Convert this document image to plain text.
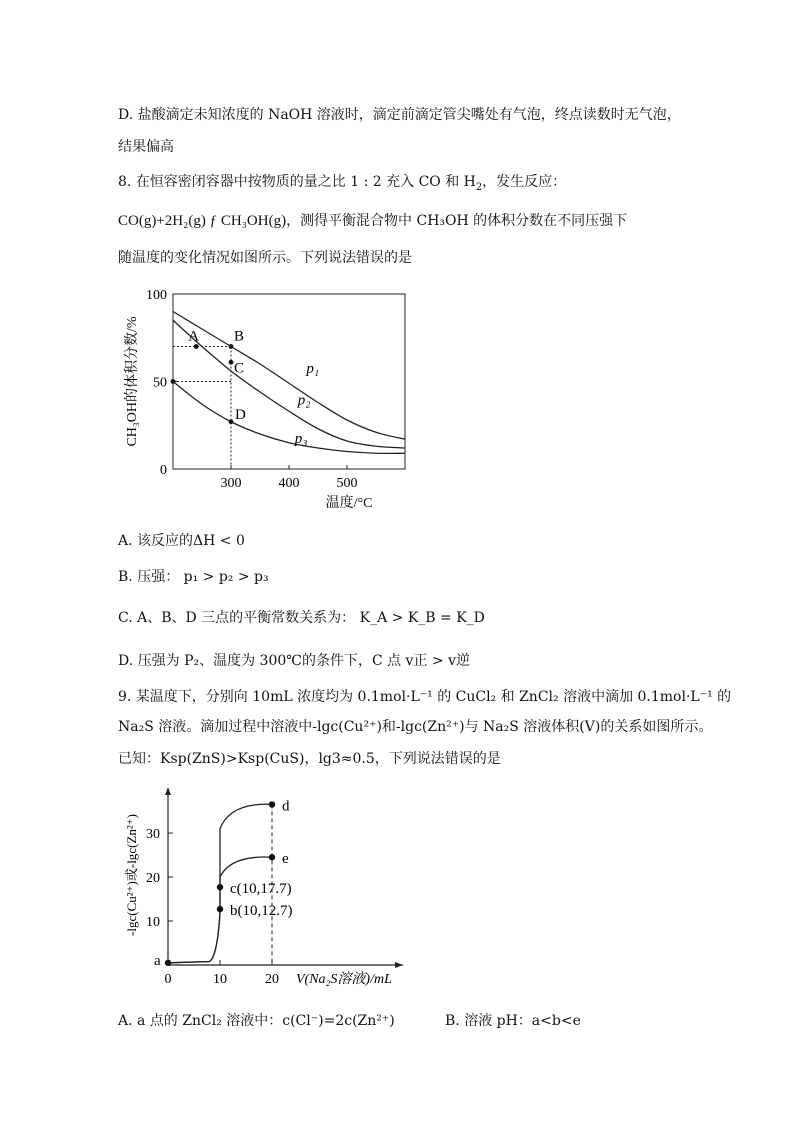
D. 盐酸滴定未知浓度的 NaOH 溶液时，滴定前滴定管尖嘴处有气泡，终点读数时无气泡，
结果偏高
8. 在恒容密闭容器中按物质的量之比 1 : 2 充入 CO 和 $H_2$，发生反应：
CO(g)+2H₂(g) ƒ CH₃OH(g)，测得平衡混合物中 CH₃OH 的体积分数在不同压强下
随温度的变化情况如图所示。下列说法错误的是
0
50
100
300	400	500
温度/°C
CH₃OH的体积分数/%	p₁
p₂
p₃
A B
C
D
A. 该反应的ΔH < 0
B. 压强： p₁ > p₂ > p₃
C. A、B、D 三点的平衡常数关系为： K_A > K_B = K_D
D. 压强为 P₂、温度为 300℃的条件下，C 点 v正 > v逆
9. 某温度下，分别向 10mL 浓度均为 0.1mol·L⁻¹ 的 CuCl₂ 和 ZnCl₂ 溶液中滴加 0.1mol·L⁻¹ 的
Na₂S 溶液。滴加过程中溶液中-lgc(Cu²⁺)和-lgc(Zn²⁺)与 Na₂S 溶液体积(V)的关系如图所示。
已知：Ksp(ZnS)>Ksp(CuS)，lg3≈0.5，下列说法错误的是
10
20
30
0	10	20 V(Na₂S溶液)/mL
-lgc(Cu²⁺)或-lgc(Zn²⁺)
a
b(10,12.7)
c(10,17.7)
d
e
A. a 点的 ZnCl₂ 溶液中：c(Cl⁻)=2c(Zn²⁺)	B. 溶液 pH：a<b<e
